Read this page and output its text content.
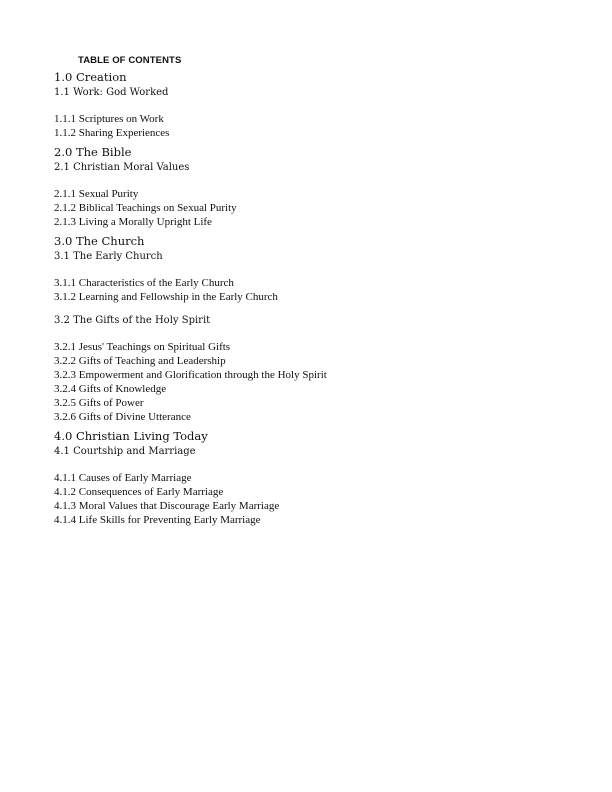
TABLE OF CONTENTS
1.0 Creation
1.1 Work: God Worked
1.1.1 Scriptures on Work
1.1.2 Sharing Experiences
2.0 The Bible
2.1 Christian Moral Values
2.1.1 Sexual Purity
2.1.2 Biblical Teachings on Sexual Purity
2.1.3 Living a Morally Upright Life
3.0 The Church
3.1 The Early Church
3.1.1 Characteristics of the Early Church
3.1.2 Learning and Fellowship in the Early Church
3.2 The Gifts of the Holy Spirit
3.2.1 Jesus' Teachings on Spiritual Gifts
3.2.2 Gifts of Teaching and Leadership
3.2.3 Empowerment and Glorification through the Holy Spirit
3.2.4 Gifts of Knowledge
3.2.5 Gifts of Power
3.2.6 Gifts of Divine Utterance
4.0 Christian Living Today
4.1 Courtship and Marriage
4.1.1 Causes of Early Marriage
4.1.2 Consequences of Early Marriage
4.1.3 Moral Values that Discourage Early Marriage
4.1.4 Life Skills for Preventing Early Marriage
